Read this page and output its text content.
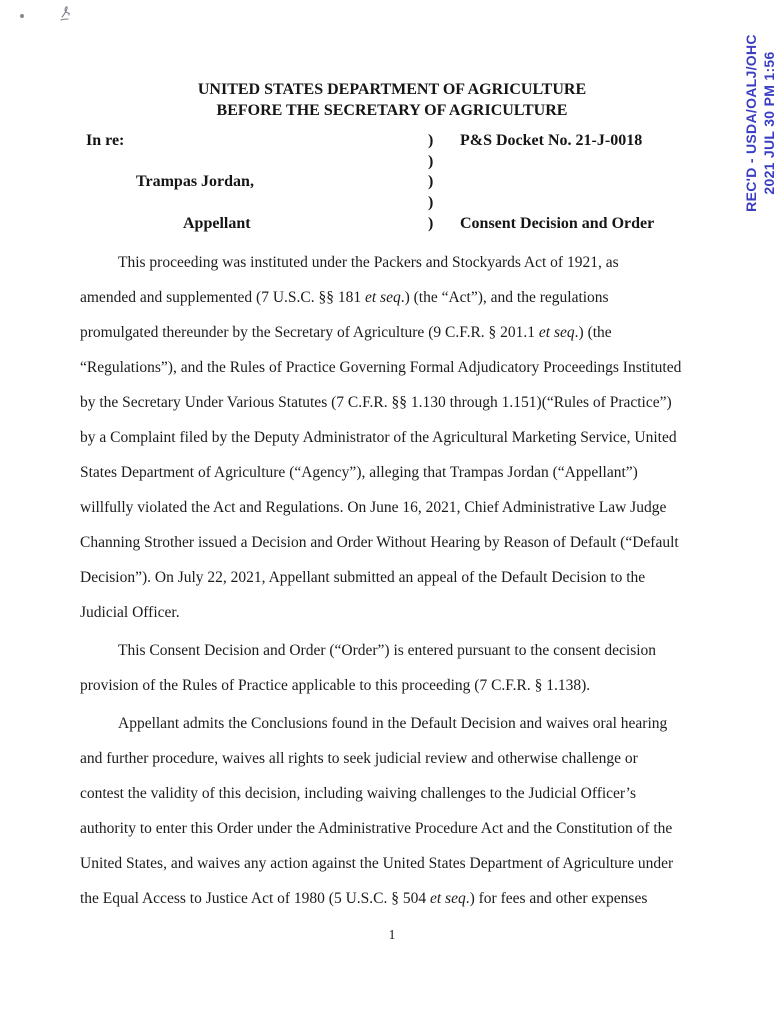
REC'D - USDA/OALJ/OHC 2021 JUL 30 PM 1:56
UNITED STATES DEPARTMENT OF AGRICULTURE
BEFORE THE SECRETARY OF AGRICULTURE
In re:	)	P&S Docket No. 21-J-0018
)
Trampas Jordan,	)
)
Appellant	)	Consent Decision and Order
This proceeding was instituted under the Packers and Stockyards Act of 1921, as
amended and supplemented (7 U.S.C. §§ 181 et seq.) (the “Act”), and the regulations
promulgated thereunder by the Secretary of Agriculture (9 C.F.R. § 201.1 et seq.) (the
“Regulations”), and the Rules of Practice Governing Formal Adjudicatory Proceedings Instituted
by the Secretary Under Various Statutes (7 C.F.R. §§ 1.130 through 1.151)(“Rules of Practice”)
by a Complaint filed by the Deputy Administrator of the Agricultural Marketing Service, United
States Department of Agriculture (“Agency”), alleging that Trampas Jordan (“Appellant”)
willfully violated the Act and Regulations. On June 16, 2021, Chief Administrative Law Judge
Channing Strother issued a Decision and Order Without Hearing by Reason of Default (“Default
Decision”). On July 22, 2021, Appellant submitted an appeal of the Default Decision to the
Judicial Officer.
This Consent Decision and Order (“Order”) is entered pursuant to the consent decision
provision of the Rules of Practice applicable to this proceeding (7 C.F.R. § 1.138).
Appellant admits the Conclusions found in the Default Decision and waives oral hearing
and further procedure, waives all rights to seek judicial review and otherwise challenge or
contest the validity of this decision, including waiving challenges to the Judicial Officer’s
authority to enter this Order under the Administrative Procedure Act and the Constitution of the
United States, and waives any action against the United States Department of Agriculture under
the Equal Access to Justice Act of 1980 (5 U.S.C. § 504 et seq.) for fees and other expenses
1
